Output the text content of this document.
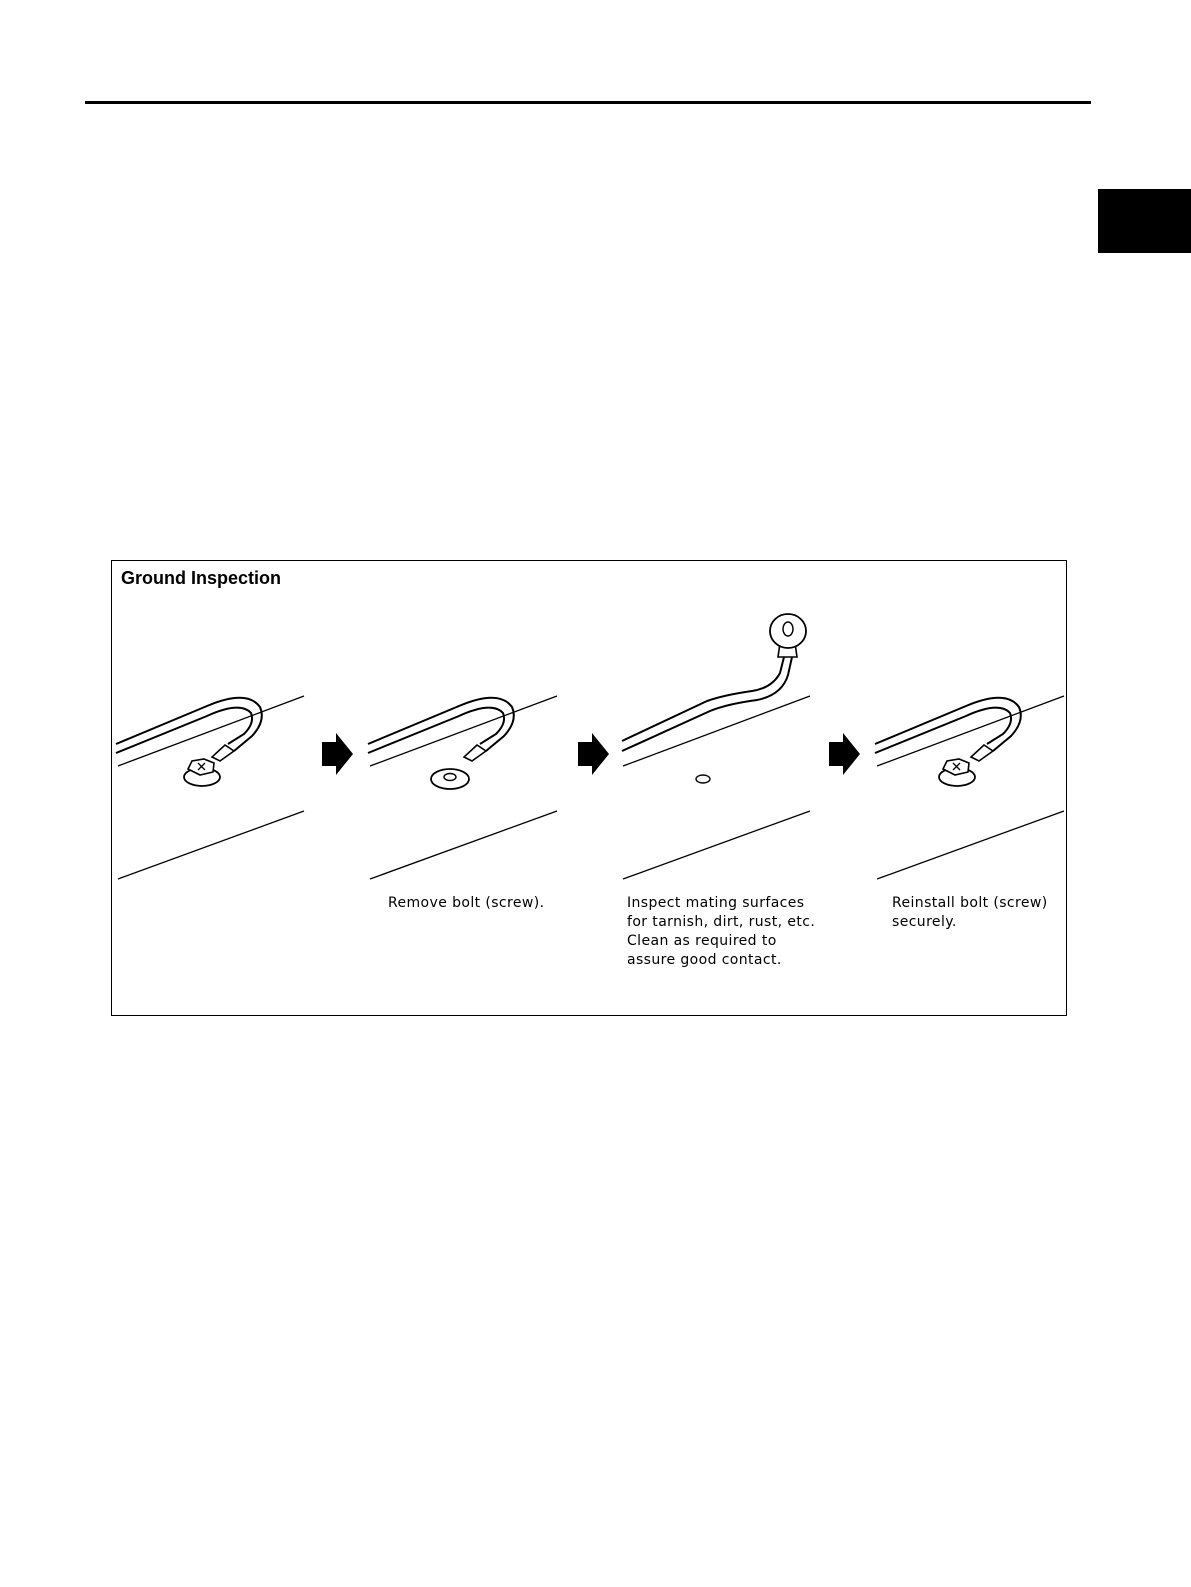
Ground Inspection

Remove bolt (screw).	Inspect mating surfaces
for tarnish, dirt, rust, etc.
Clean as required to
assure good contact.

Reinstall bolt (screw)
securely.
